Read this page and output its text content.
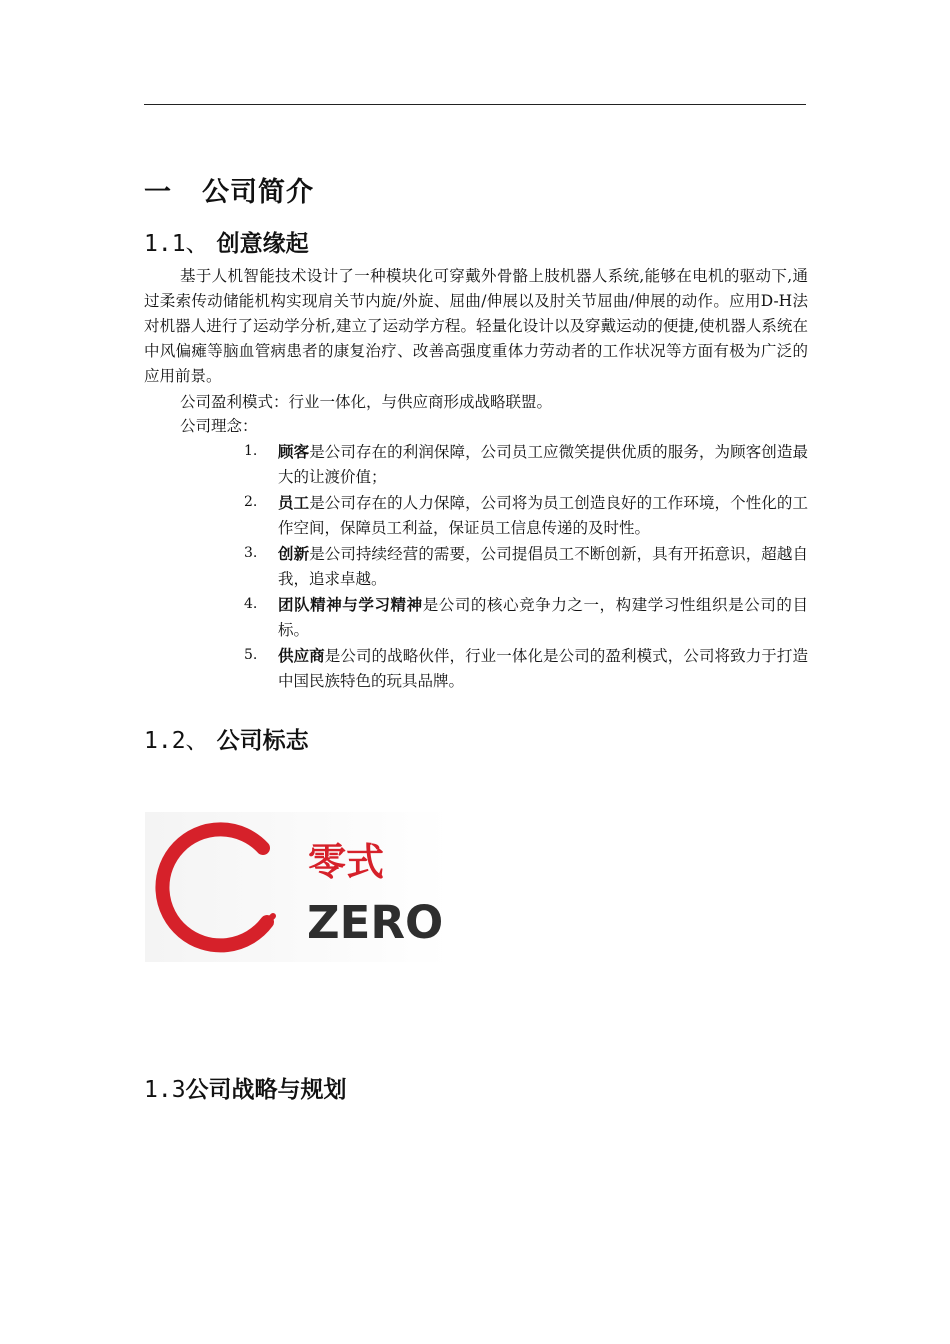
一 公司简介
1.1、 创意缘起
基于人机智能技术设计了一种模块化可穿戴外骨骼上肢机器人系统,能够在电机的驱动下,通过柔索传动储能机构实现肩关节内旋/外旋、屈曲/伸展以及肘关节屈曲/伸展的动作。应用D-H法对机器人进行了运动学分析,建立了运动学方程。轻量化设计以及穿戴运动的便捷,使机器人系统在中风偏瘫等脑血管病患者的康复治疗、改善高强度重体力劳动者的工作状况等方面有极为广泛的应用前景。
公司盈利模式：行业一体化，与供应商形成战略联盟。
公司理念：
1. 顾客是公司存在的利润保障，公司员工应微笑提供优质的服务，为顾客创造最大的让渡价值；
2. 员工是公司存在的人力保障，公司将为员工创造良好的工作环境，个性化的工作空间，保障员工利益，保证员工信息传递的及时性。
3. 创新是公司持续经营的需要，公司提倡员工不断创新，具有开拓意识，超越自我，追求卓越。
4. 团队精神与学习精神是公司的核心竞争力之一，构建学习性组织是公司的目标。
5. 供应商是公司的战略伙伴，行业一体化是公司的盈利模式，公司将致力于打造中国民族特色的玩具品牌。
1.2、 公司标志
零式
ZERO
1.3公司战略与规划
